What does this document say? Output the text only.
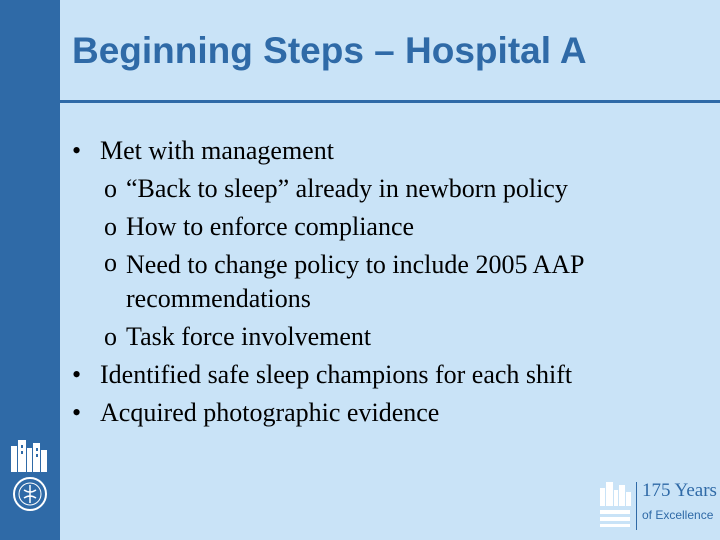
Beginning Steps – Hospital A

• Met with management

o “Back to sleep” already in newborn policy

o How to enforce compliance

o Need to change policy to include 2005 AAP recommendations

o Task force involvement

• Identified safe sleep champions for each shift

• Acquired photographic evidence

175 Years
of Excellence
